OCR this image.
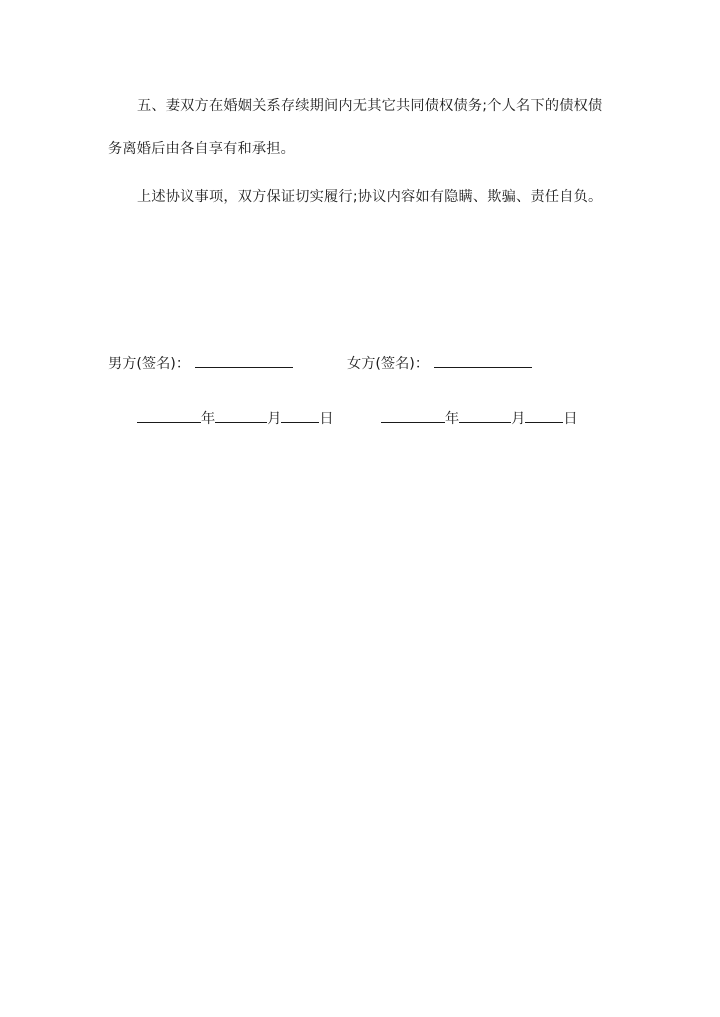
五、妻双方在婚姻关系存续期间内无其它共同债权债务;个人名下的债权债
务离婚后由各自享有和承担。
上述协议事项，双方保证切实履行;协议内容如有隐瞒、欺骗、责任自负。
男方(签名)：	女方(签名)：
年	月	日	年	月	日
